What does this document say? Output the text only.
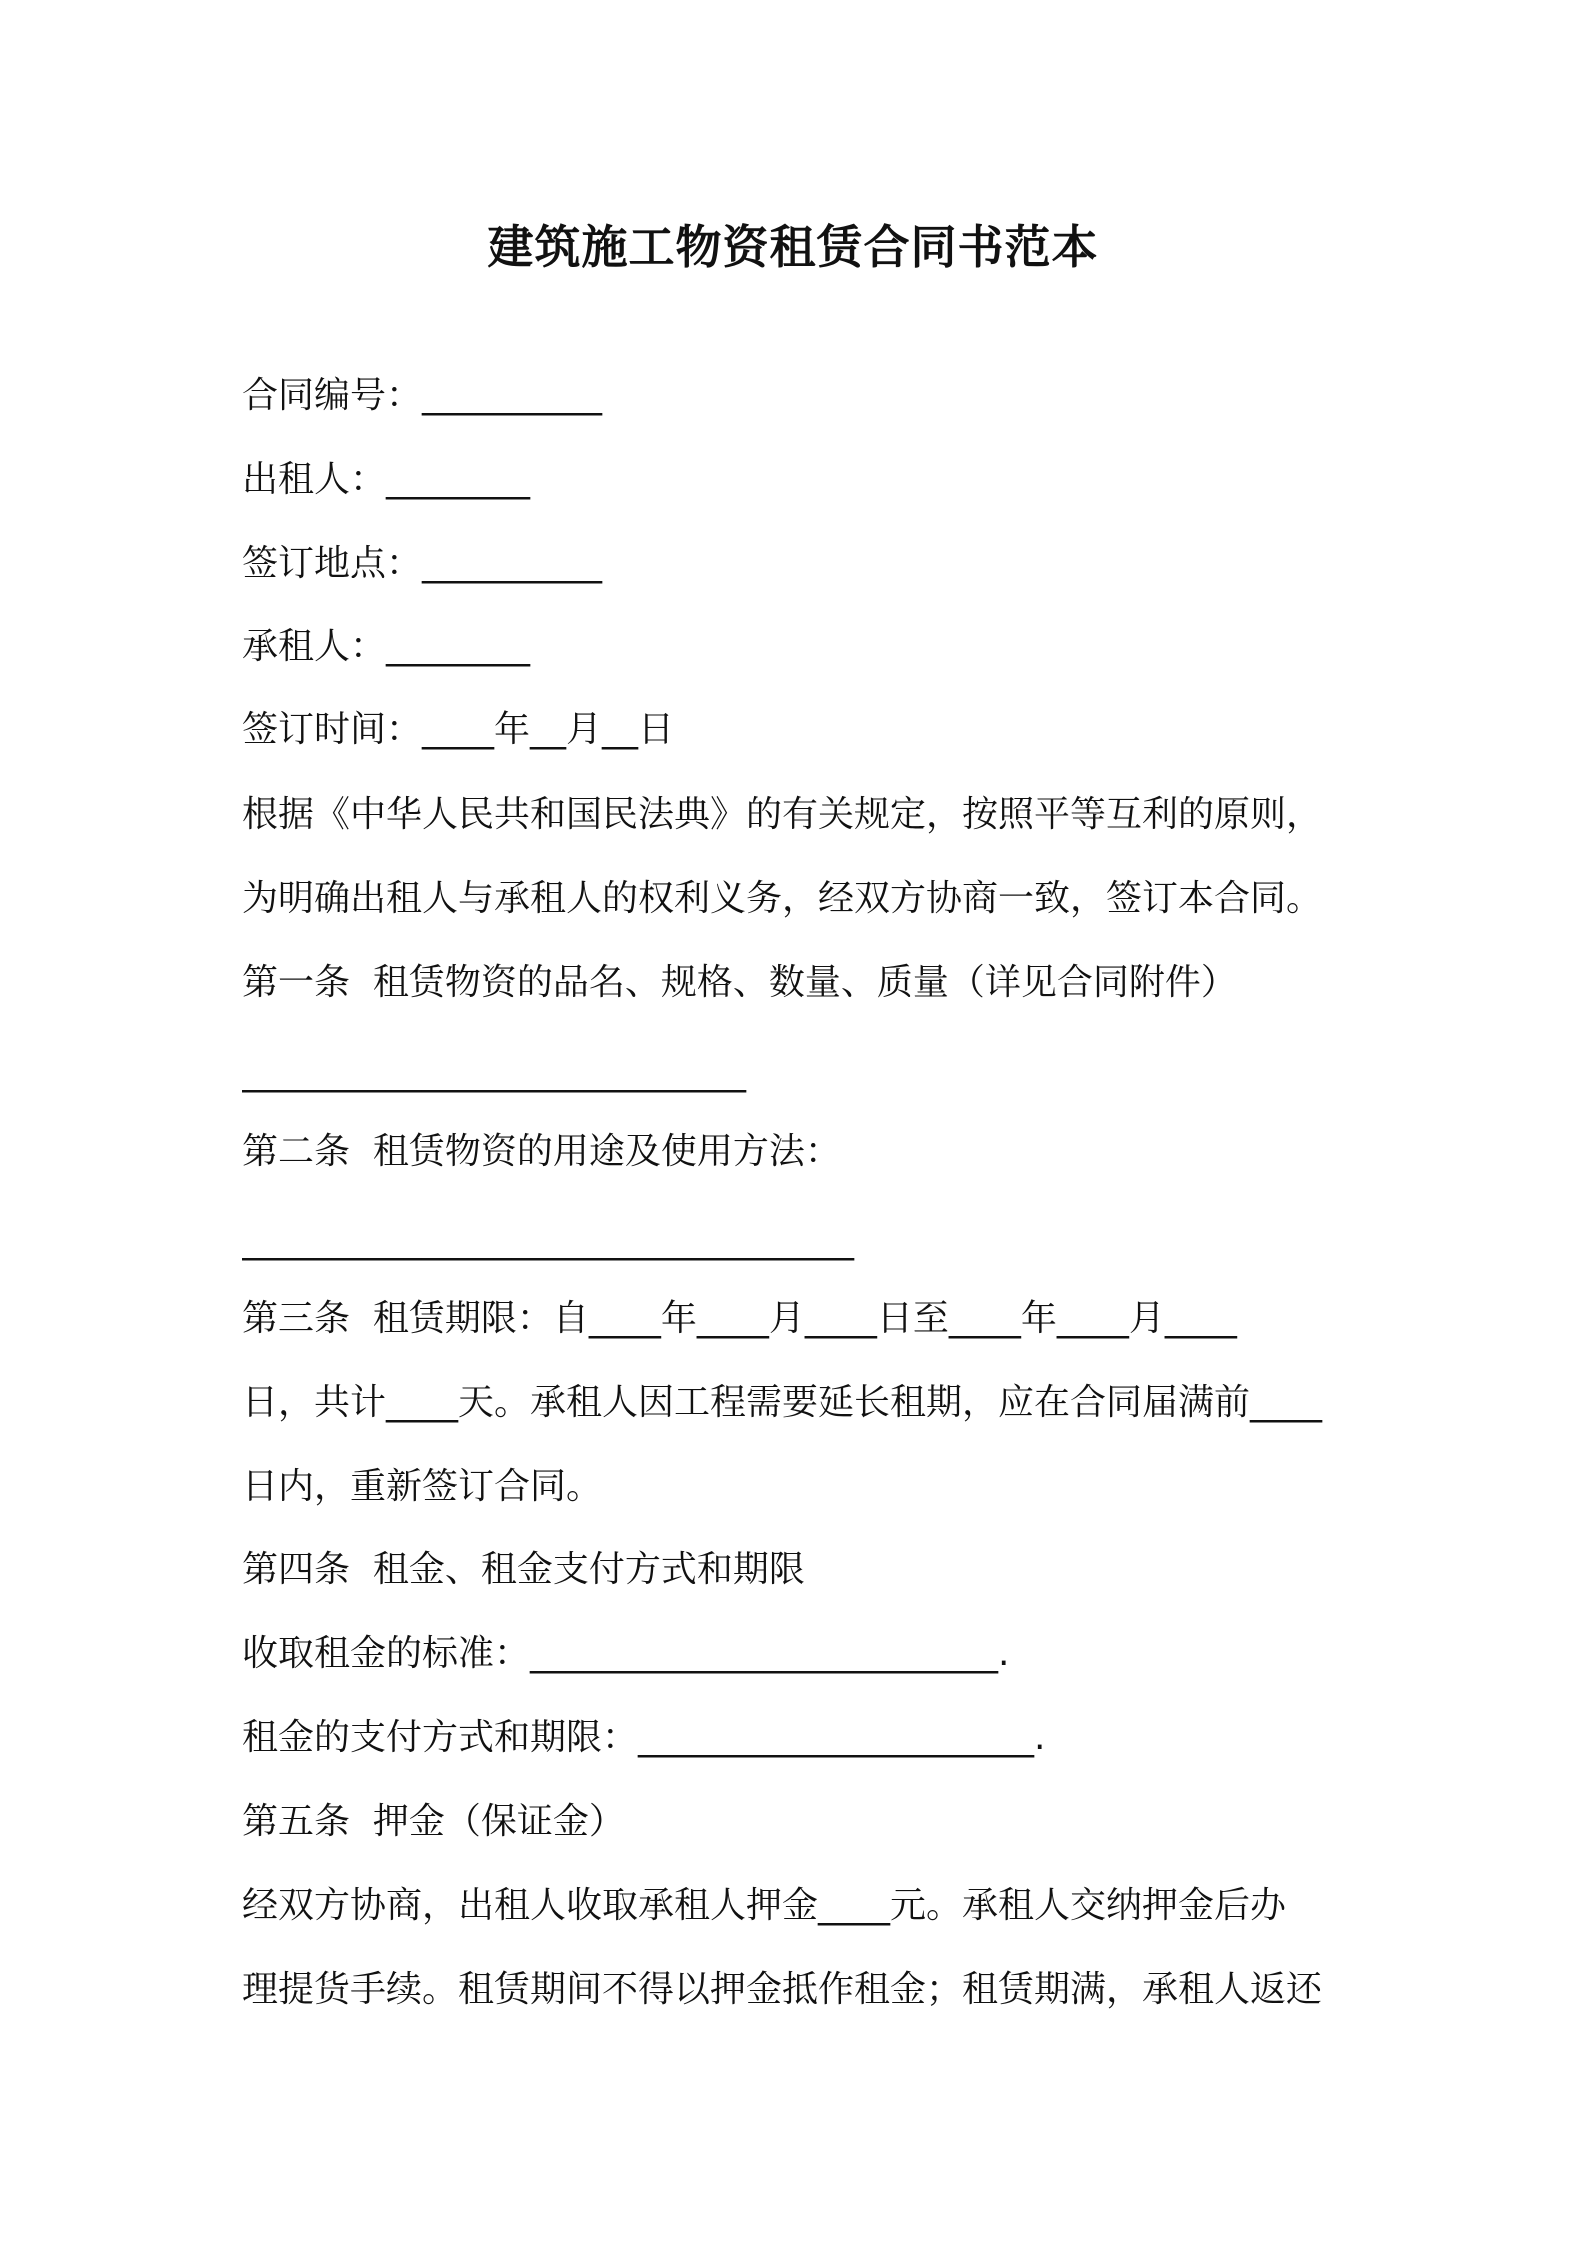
建筑施工物资租赁合同书范本
合同编号：__________
出租人：________
签订地点：__________
承租人：________
签订时间：____年__月__日
根据《中华人民共和国民法典》的有关规定，按照平等互利的原则，
为明确出租人与承租人的权利义务，经双方协商一致，签订本合同。
第一条  租赁物资的品名、规格、数量、质量（详见合同附件）
____________________________
第二条  租赁物资的用途及使用方法：
__________________________________
第三条  租赁期限：自____年____月____日至____年____月____
日，共计____天。承租人因工程需要延长租期，应在合同届满前____
日内，重新签订合同。
第四条  租金、租金支付方式和期限
收取租金的标准：__________________________.
租金的支付方式和期限：______________________.
第五条  押金（保证金）
经双方协商，出租人收取承租人押金____元。承租人交纳押金后办
理提货手续。租赁期间不得以押金抵作租金；租赁期满，承租人返还
